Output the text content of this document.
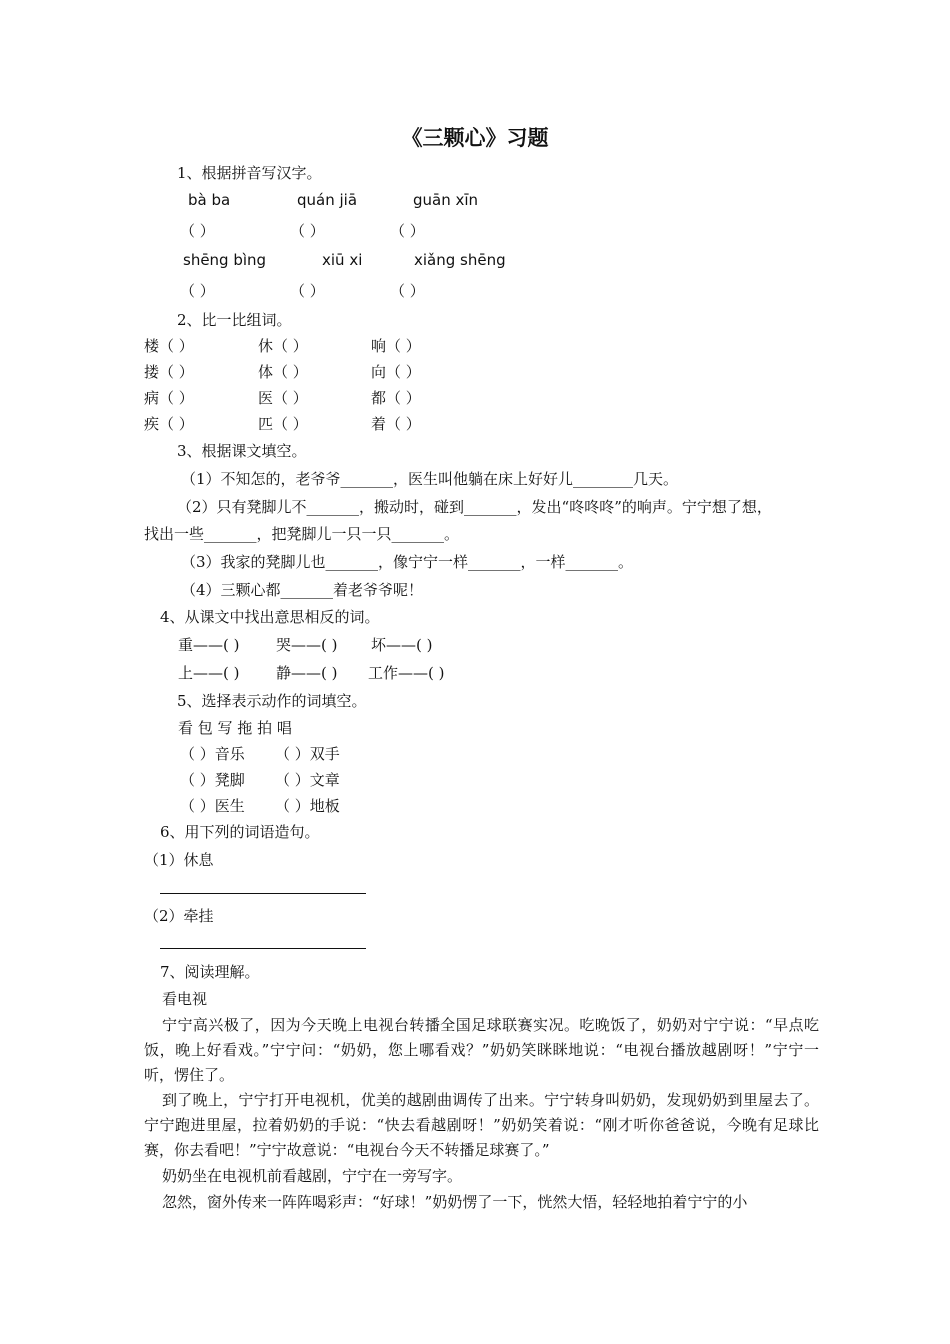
《三颗心》习题
1、根据拼音写汉字。
bà ba	quán jiā	guān xīn
（ ）	（ ）	（ ）
shēng bìng	xiū xi	xiǎng shēng
（ ）	（ ）	（ ）
2、比一比组词。
楼（ ）	休（ ）	响（ ）
搂（ ）	体（ ）	向（ ）
病（ ）	医（ ）	都（ ）
疾（ ）	匹（ ）	着（ ）
3、根据课文填空。
（1）不知怎的，老爷爷_______，医生叫他躺在床上好好儿________几天。
（2）只有凳脚儿不_______，搬动时，碰到_______，发出“咚咚咚”的响声。宁宁想了想，
找出一些_______，把凳脚儿一只一只_______。
（3）我家的凳脚儿也_______，像宁宁一样_______，一样_______。
（4）三颗心都_______着老爷爷呢！
4、从课文中找出意思相反的词。
重——( ) 哭——( ) 坏——( )
上——( ) 静——( ) 工作——( )
5、选择表示动作的词填空。
看 包 写 拖 拍 唱
（ ）音乐 （ ）双手
（ ）凳脚 （ ）文章
（ ）医生 （ ）地板
6、用下列的词语造句。
（1）休息
（2）牵挂
7、阅读理解。
看电视
宁宁高兴极了，因为今天晚上电视台转播全国足球联赛实况。吃晚饭了，奶奶对宁宁说：“早点吃饭，晚上好看戏。”宁宁问：“奶奶，您上哪看戏？”奶奶笑眯眯地说：“电视台播放越剧呀！”宁宁一听，愣住了。
到了晚上，宁宁打开电视机，优美的越剧曲调传了出来。宁宁转身叫奶奶，发现奶奶到里屋去了。宁宁跑进里屋，拉着奶奶的手说：“快去看越剧呀！”奶奶笑着说：“刚才听你爸爸说，今晚有足球比赛，你去看吧！”宁宁故意说：“电视台今天不转播足球赛了。”
奶奶坐在电视机前看越剧，宁宁在一旁写字。
忽然，窗外传来一阵阵喝彩声：“好球！”奶奶愣了一下，恍然大悟，轻轻地拍着宁宁的小
